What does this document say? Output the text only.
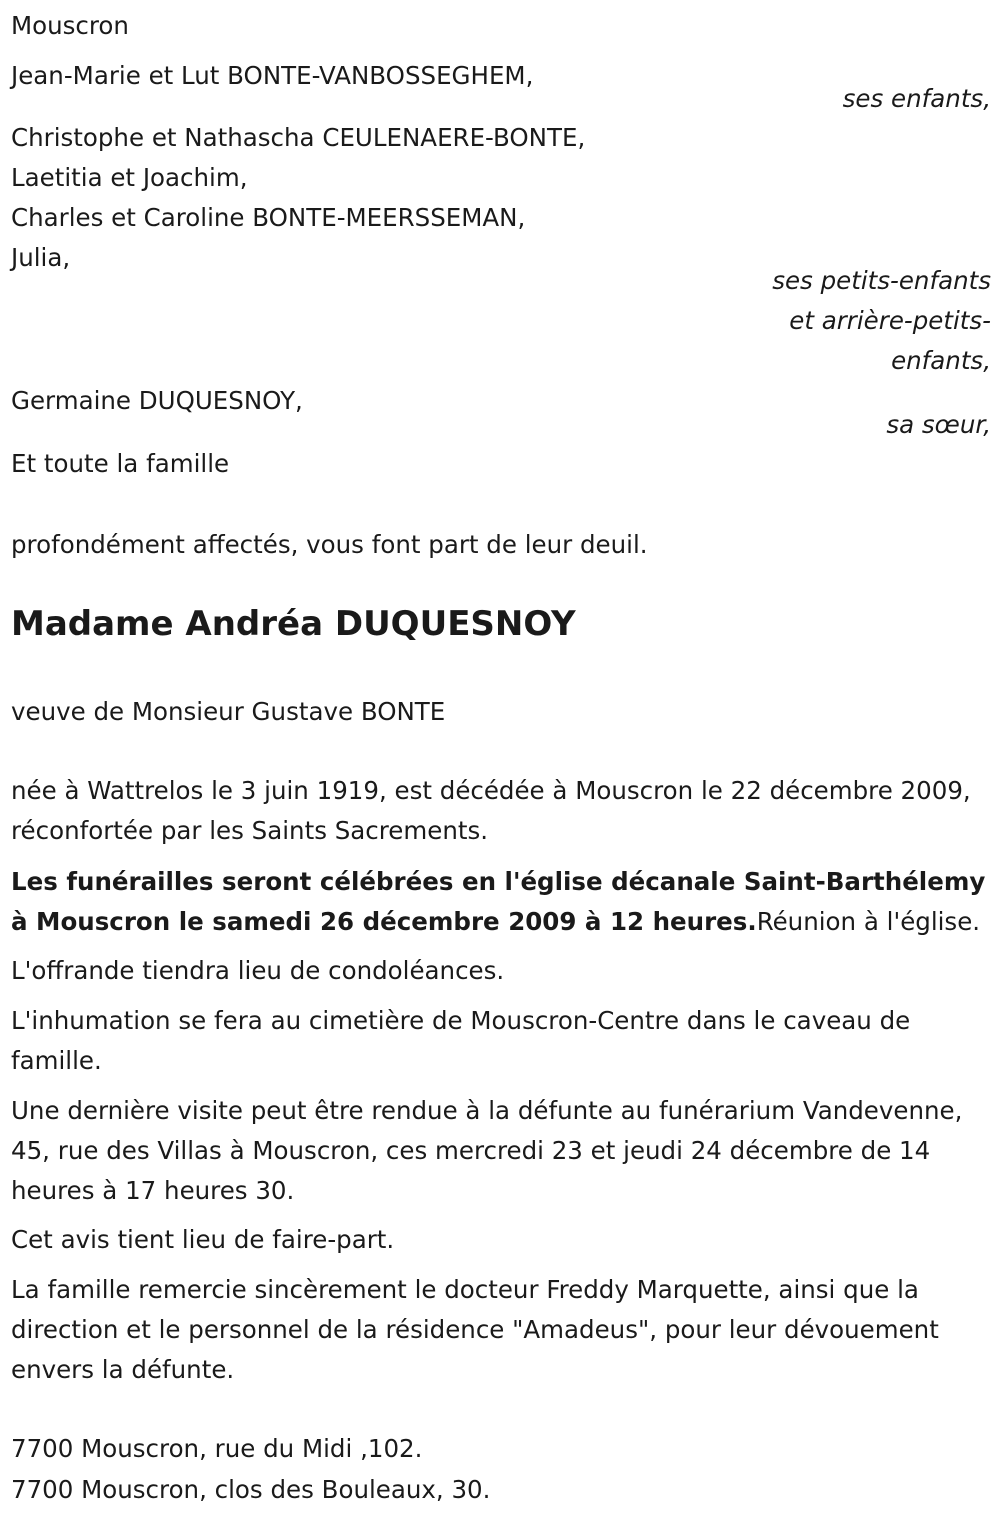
Mouscron
Jean-Marie et Lut BONTE-VANBOSSEGHEM,
ses enfants,
Christophe et Nathascha CEULENAERE-BONTE,
Laetitia et Joachim,
Charles et Caroline BONTE-MEERSSEMAN,
Julia,
ses petits-enfants
et arrière-petits-
enfants,
Germaine DUQUESNOY,
sa sœur,
Et toute la famille
profondément affectés, vous font part de leur deuil.
Madame Andréa DUQUESNOY
veuve de Monsieur Gustave BONTE
née à Wattrelos le 3 juin 1919, est décédée à Mouscron le 22 décembre 2009, réconfortée par les Saints Sacrements.
Les funérailles seront célébrées en l'église décanale Saint-Barthélemy à Mouscron le samedi 26 décembre 2009 à 12 heures.Réunion à l'église.
L'offrande tiendra lieu de condoléances.
L'inhumation se fera au cimetière de Mouscron-Centre dans le caveau de famille.
Une dernière visite peut être rendue à la défunte au funérarium Vandevenne, 45, rue des Villas à Mouscron, ces mercredi 23 et jeudi 24 décembre de 14 heures à 17 heures 30.
Cet avis tient lieu de faire-part.
La famille remercie sincèrement le docteur Freddy Marquette, ainsi que la direction et le personnel de la résidence "Amadeus", pour leur dévouement envers la défunte.
7700 Mouscron, rue du Midi ,102.
7700 Mouscron, clos des Bouleaux, 30.
